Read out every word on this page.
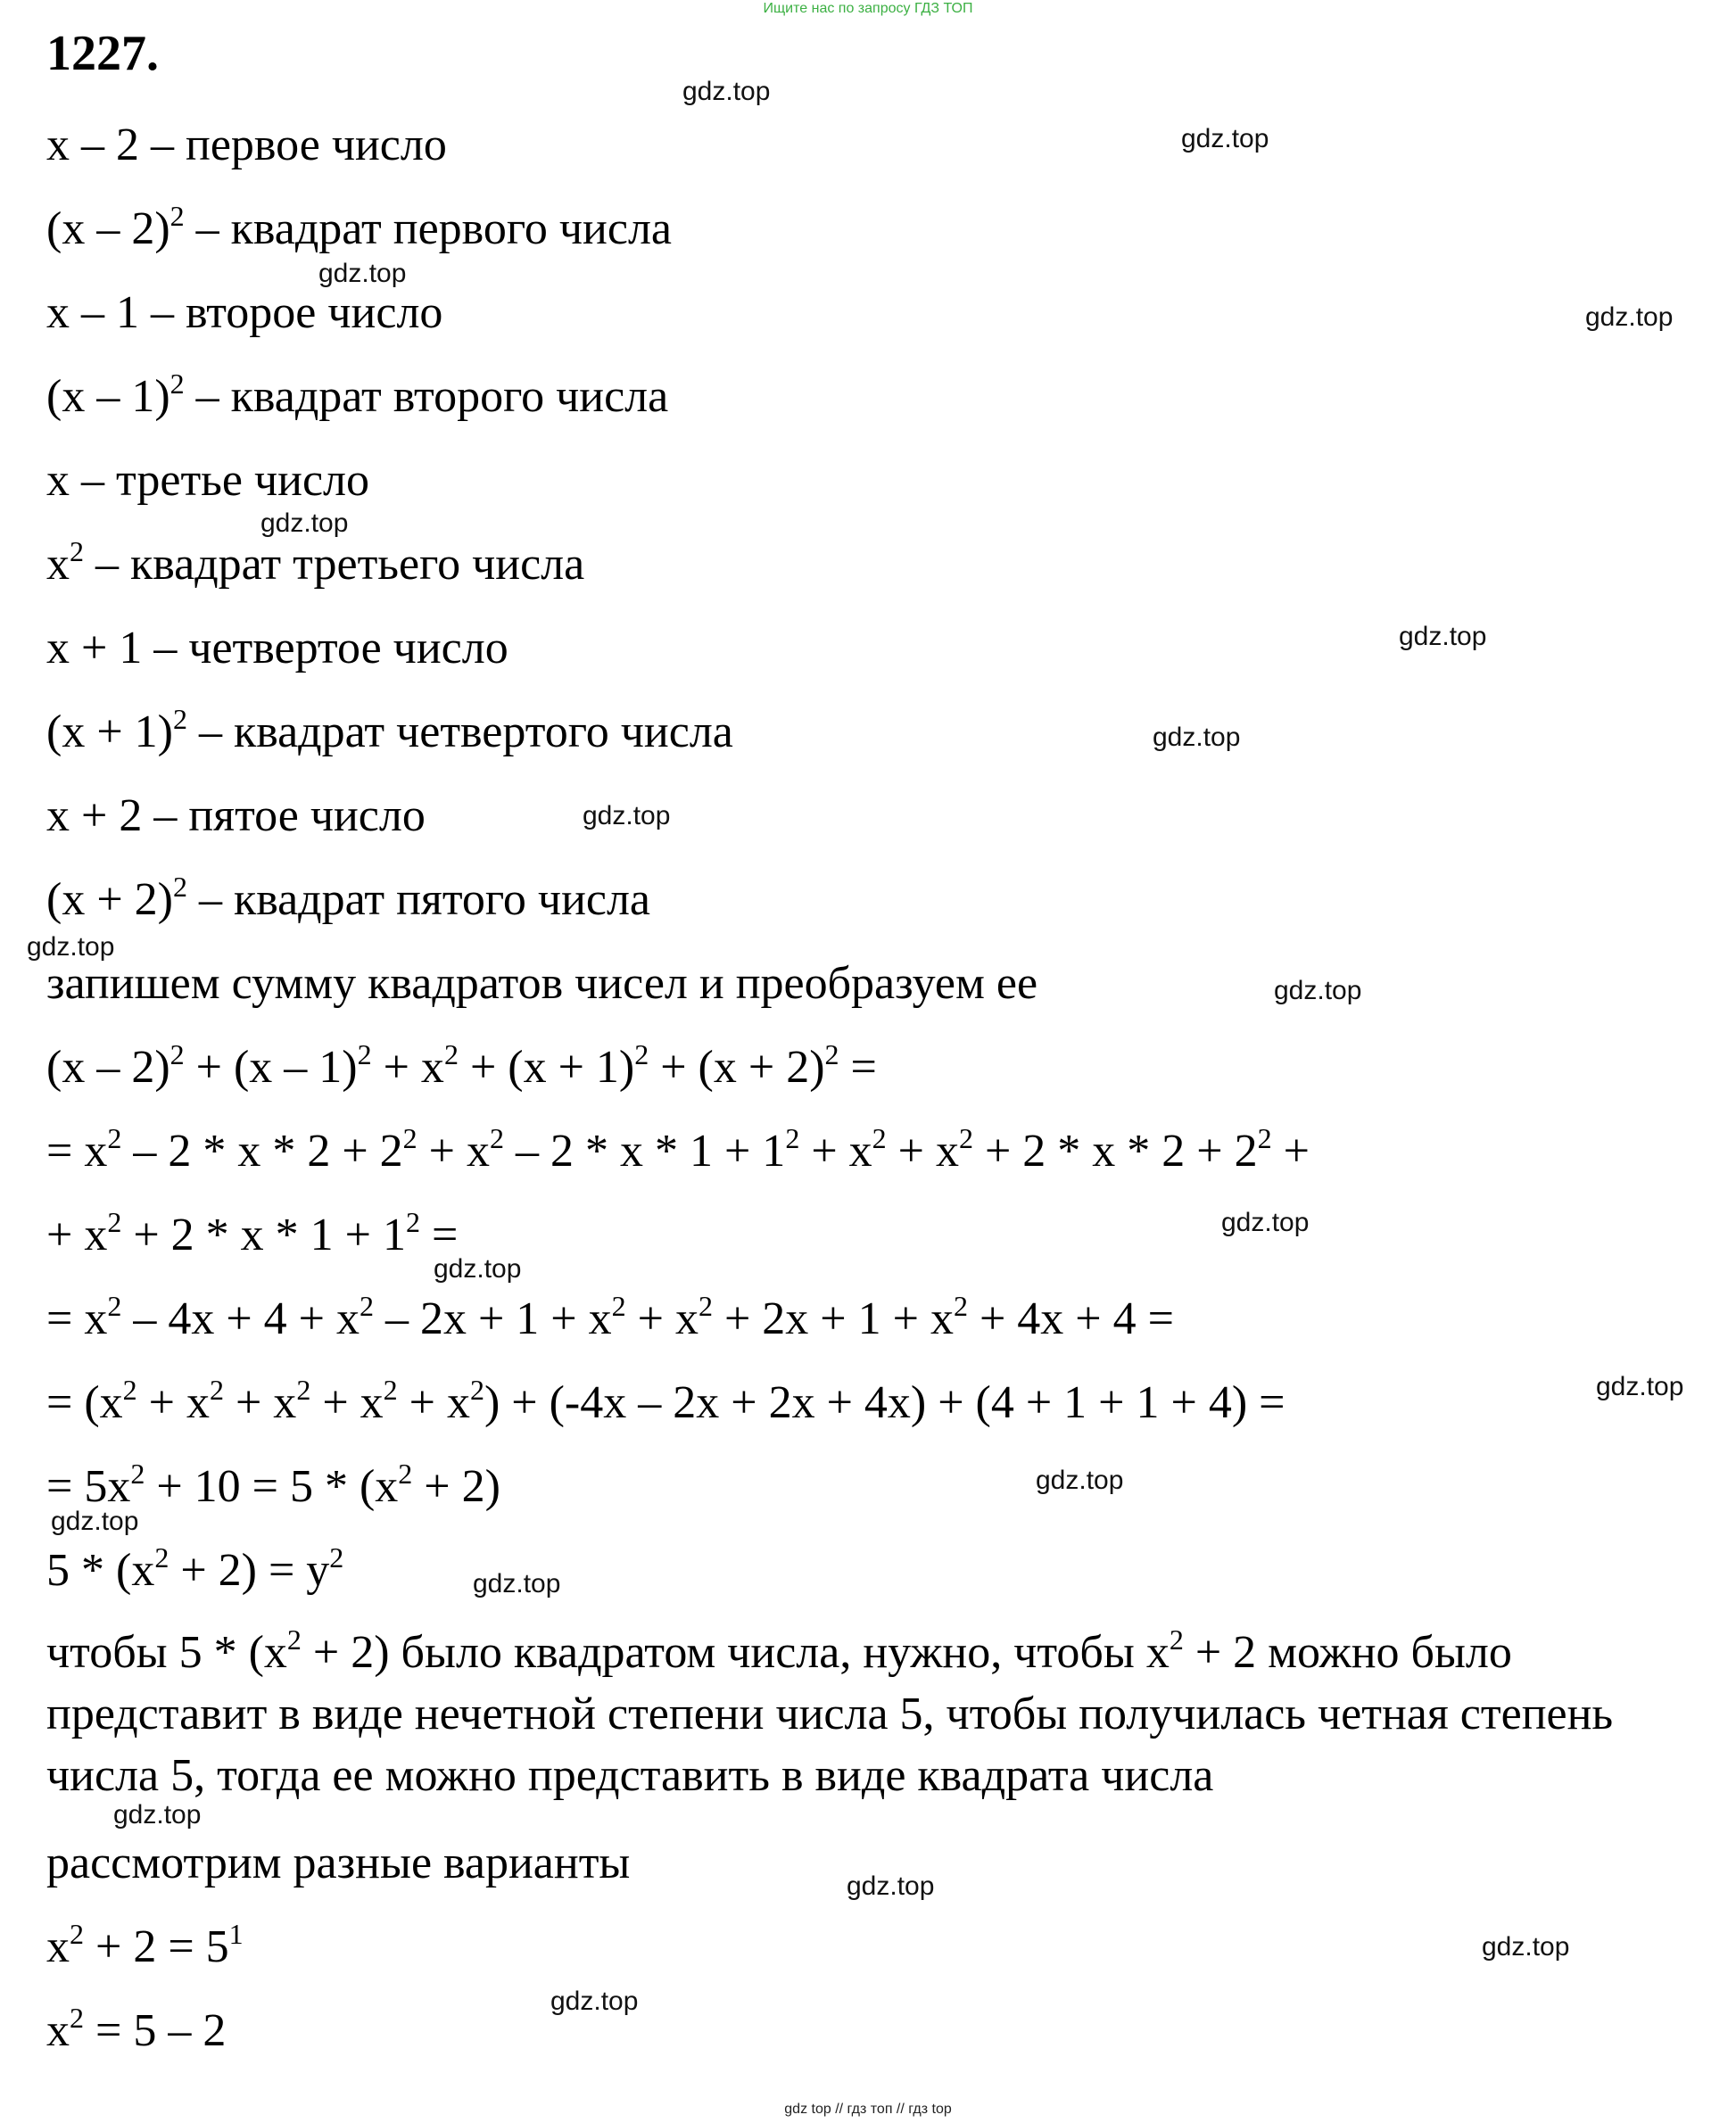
Ищите нас по запросу ГДЗ ТОП
1227.
x – 2 – первое число
(x – 2)$^2$ – квадрат первого числа
x – 1 – вторoе число
(x – 1)$^2$ – квадрат второго числа
x – третье число
$x^2$ – квадрат третьего числа
x + 1 – четвертое число
$(x + 1)^2$ – квадрат четвертого числа
x + 2 – пятое число
$(x + 2)^2$ – квадрат пятого числа
запишем сумму квадратов чисел и преобразуем ее
$(x - 2)^2 + (x - 1)^2 + x^2 + (x + 1)^2 + (x + 2)^2$ =
= $x^2 - 2 * x * 2 + 2^2 + x^2 - 2 * x * 1 + 1^2 + x^2 + x^2 + 2 * x * 2 + 2^2$ +
+ $x^2 + 2 * x * 1 + 1^2$ =
= $x^2 - 4x + 4 + x^2 - 2x + 1 + x^2 + x^2 + 2x + 1 + x^2 + 4x + 4$ =
= $(x^2 + x^2 + x^2 + x^2 + x^2) + (-4x - 2x + 2x + 4x) + (4 + 1 + 1 + 4)$ =
= $5x^2 + 10 = 5 * (x^2 + 2)$
$5 * (x^2 + 2) = y^2$
чтобы $5 * (x^2 + 2)$ было квадратом числа, нужно, чтобы $x^2 + 2$ можно было представит в виде нечетной степени числа 5, чтобы получилась четная степень числа 5, тогда ее можно представить в виде квадрата числа
рассмотрим разные варианты
$x^2 + 2 = 5^1$
$x^2 = 5 - 2$
gdz.top
gdz.top
gdz.top
gdz.top
gdz.top
gdz.top
gdz.top
gdz.top
gdz.top
gdz.top
gdz.top
gdz.top
gdz.top
gdz.top
gdz.top
gdz.top
gdz.top
gdz.top
gdz.top
gdz.top
gdz top // гдз топ // гдз top
